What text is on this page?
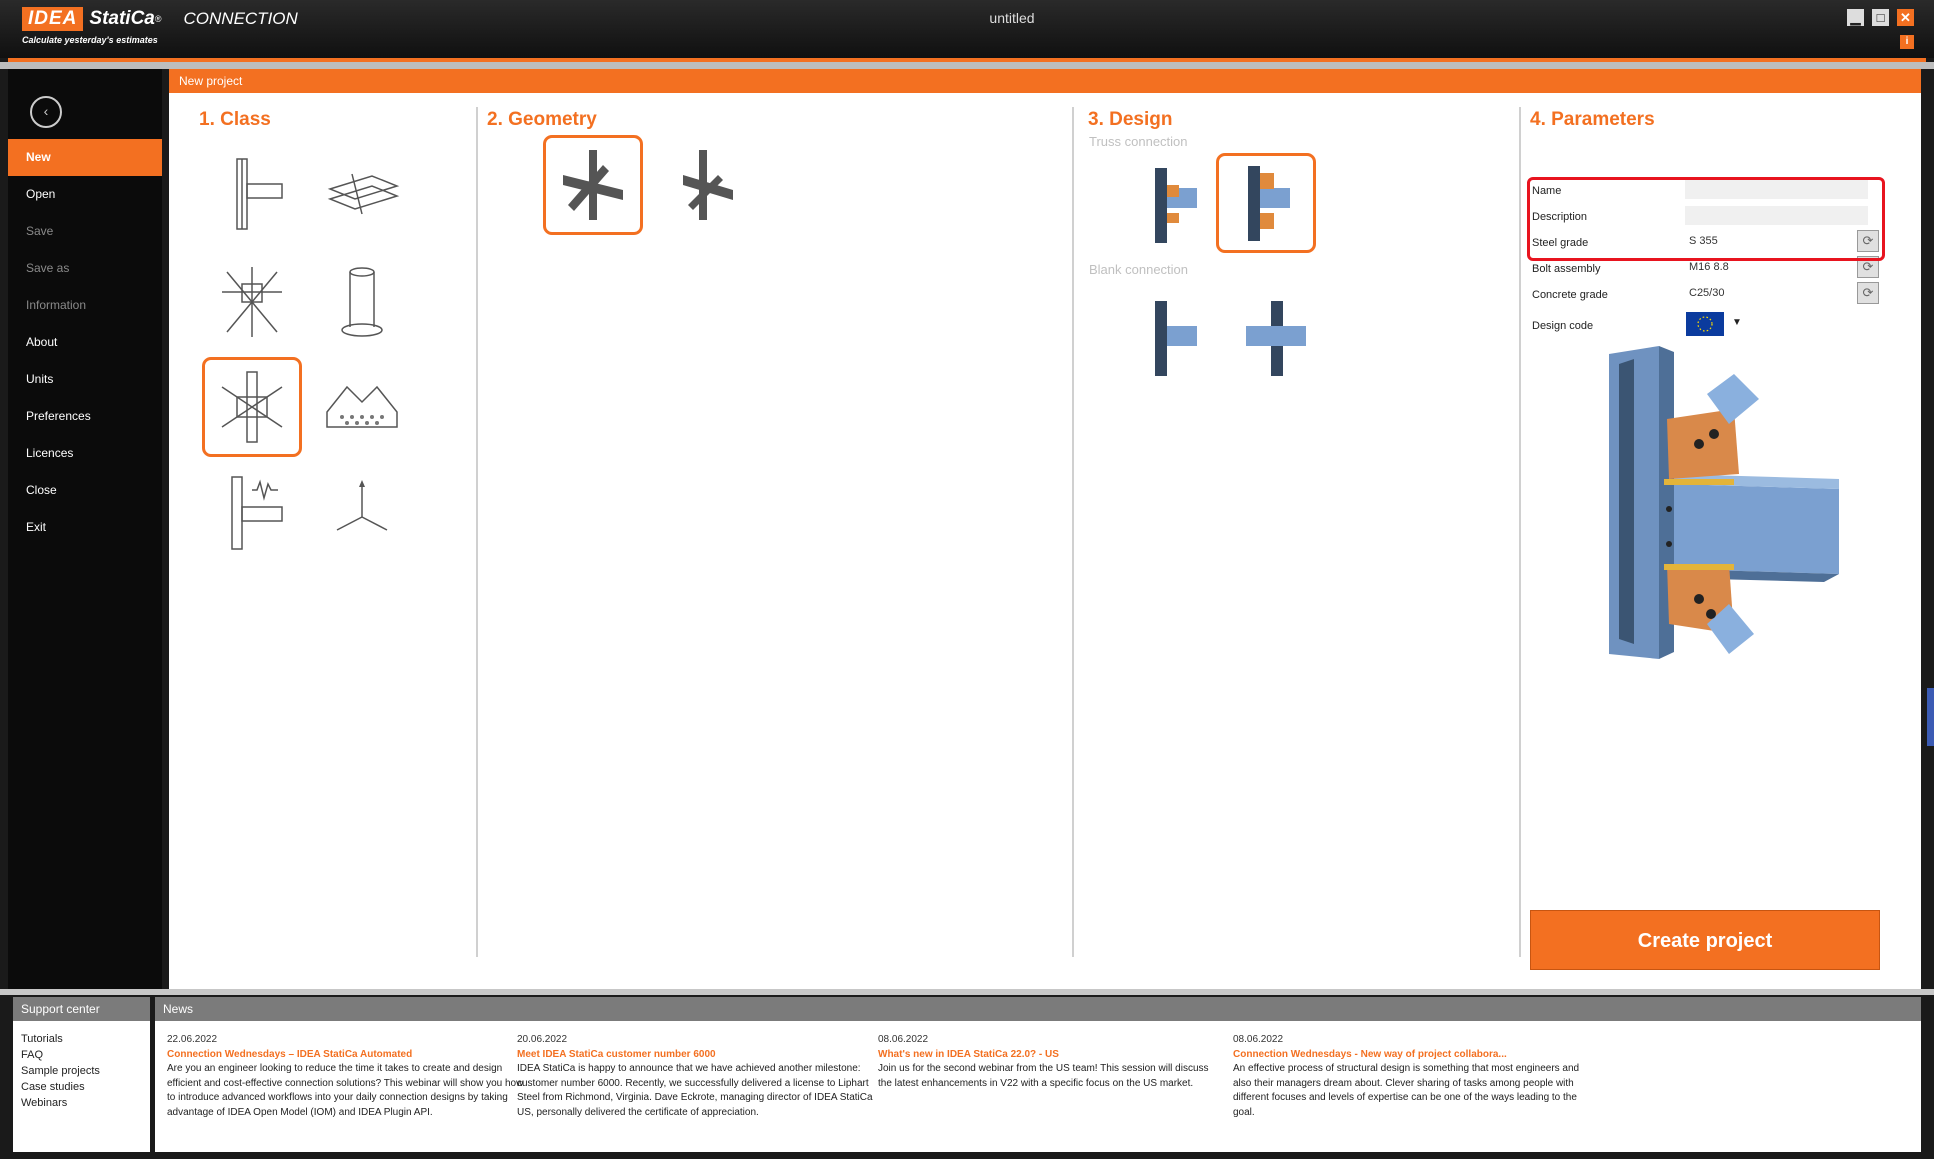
IDEA StatiCa ® CONNECTION
Calculate yesterday's estimates
untitled	▁	□	✕
i
‹
New
Open
Save
Save as
Information
About
Units
Preferences
Licences
Close
Exit
New project
1. Class	2. Geometry	3. Design
Truss connection
Blank connection
4. Parameters
Name
Description
Steel grade	S 355	⟳
Bolt assembly	M16 8.8	⟳
Concrete grade	C25/30	⟳
Design code	▼
Create project
Support center
Tutorials
FAQ
Sample projects
Case studies
Webinars
News
22.06.2022
Connection Wednesdays – IDEA StatiCa Automated
Are you an engineer looking to reduce the time it takes to create and design efficient and cost-effective connection solutions? This webinar will show you how to introduce advanced workflows into your daily connection designs by taking advantage of IDEA Open Model (IOM) and IDEA Plugin API.
20.06.2022
Meet IDEA StatiCa customer number 6000
IDEA StatiCa is happy to announce that we have achieved another milestone: customer number 6000. Recently, we successfully delivered a license to Liphart Steel from Richmond, Virginia. Dave Eckrote, managing director of IDEA StatiCa US, personally delivered the certificate of appreciation.
08.06.2022
What's new in IDEA StatiCa 22.0? - US
Join us for the second webinar from the US team! This session will discuss the latest enhancements in V22 with a specific focus on the US market.
08.06.2022
Connection Wednesdays - New way of project collabora...
An effective process of structural design is something that most engineers and also their managers dream about. Clever sharing of tasks among people with different focuses and levels of expertise can be one of the ways leading to the goal.
